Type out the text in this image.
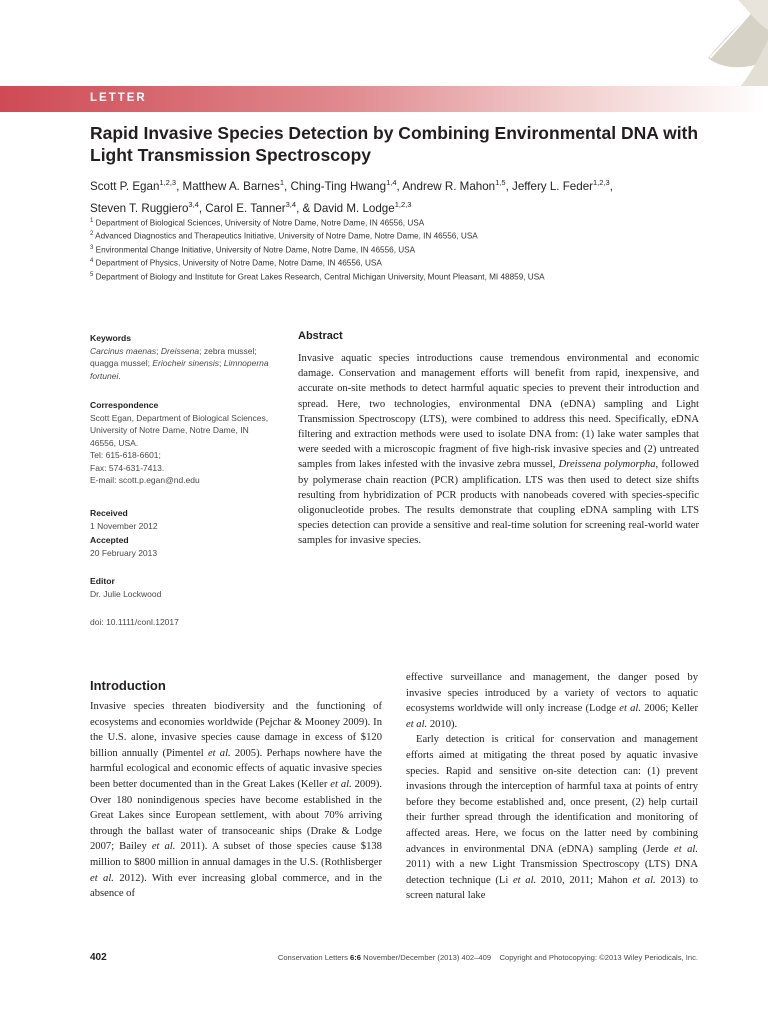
LETTER
Rapid Invasive Species Detection by Combining Environmental DNA with Light Transmission Spectroscopy
Scott P. Egan$^{1,2,3}$, Matthew A. Barnes$^1$, Ching-Ting Hwang$^{1,4}$, Andrew R. Mahon$^{1,5}$, Jeffery L. Feder$^{1,2,3}$,
Steven T. Ruggiero$^{3,4}$, Carol E. Tanner$^{3,4}$, & David M. Lodge$^{1,2,3}$
$^1$ Department of Biological Sciences, University of Notre Dame, Notre Dame, IN 46556, USA
$^2$ Advanced Diagnostics and Therapeutics Initiative, University of Notre Dame, Notre Dame, IN 46556, USA
$^3$ Environmental Change Initiative, University of Notre Dame, Notre Dame, IN 46556, USA
$^4$ Department of Physics, University of Notre Dame, Notre Dame, IN 46556, USA
$^5$ Department of Biology and Institute for Great Lakes Research, Central Michigan University, Mount Pleasant, MI 48859, USA
Keywords
Carcinus maenas; Dreissena; zebra mussel;
quagga mussel; Eriocheir sinensis; Limnoperna
fortunei.
Correspondence
Scott Egan, Department of Biological Sciences,
University of Notre Dame, Notre Dame, IN
46556, USA.
Tel: 615-618-6601;
Fax: 574-631-7413.
E-mail: scott.p.egan@nd.edu
Received
1 November 2012
Accepted
20 February 2013
Editor
Dr. Julie Lockwood
doi: 10.1111/conl.12017
Abstract
Invasive aquatic species introductions cause tremendous environmental and economic damage. Conservation and management efforts will benefit from rapid, inexpensive, and accurate on-site methods to detect harmful aquatic species to prevent their introduction and spread. Here, two technologies, environmental DNA (eDNA) sampling and Light Transmission Spectroscopy (LTS), were combined to address this need. Specifically, eDNA filtering and extraction methods were used to isolate DNA from: (1) lake water samples that were seeded with a microscopic fragment of five high-risk invasive species and (2) untreated samples from lakes infested with the invasive zebra mussel, Dreissena polymorpha, followed by polymerase chain reaction (PCR) amplification. LTS was then used to detect size shifts resulting from hybridization of PCR products with nanobeads covered with species-specific oligonucleotide probes. The results demonstrate that coupling eDNA sampling with LTS species detection can provide a sensitive and real-time solution for screening real-world water samples for invasive species.
Introduction

Invasive species threaten biodiversity and the functioning of ecosystems and economies worldwide (Pejchar & Mooney 2009). In the U.S. alone, invasive species cause damage in excess of $120 billion annually (Pimentel et al. 2005). Perhaps nowhere have the harmful ecological and economic effects of aquatic invasive species been better documented than in the Great Lakes (Keller et al. 2009). Over 180 nonindigenous species have become established in the Great Lakes since European settlement, with about 70% arriving through the ballast water of transoceanic ships (Drake & Lodge 2007; Bailey et al. 2011). A subset of those species cause $138 million to $800 million in annual damages in the U.S. (Rothlisberger et al. 2012). With ever increasing global commerce, and in the absence of

effective surveillance and management, the danger posed by invasive species introduced by a variety of vectors to aquatic ecosystems worldwide will only increase (Lodge et al. 2006; Keller et al. 2010).

Early detection is critical for conservation and management efforts aimed at mitigating the threat posed by aquatic invasive species. Rapid and sensitive on-site detection can: (1) prevent invasions through the interception of harmful taxa at points of entry before they become established and, once present, (2) help curtail their further spread through the identification and monitoring of affected areas. Here, we focus on the latter need by combining advances in environmental DNA (eDNA) sampling (Jerde et al. 2011) with a new Light Transmission Spectroscopy (LTS) DNA detection technique (Li et al. 2010, 2011; Mahon et al. 2013) to screen natural lake

402	Conservation Letters 6:6 November/December (2013) 402–409 Copyright and Photocopying: ©2013 Wiley Periodicals, Inc.
